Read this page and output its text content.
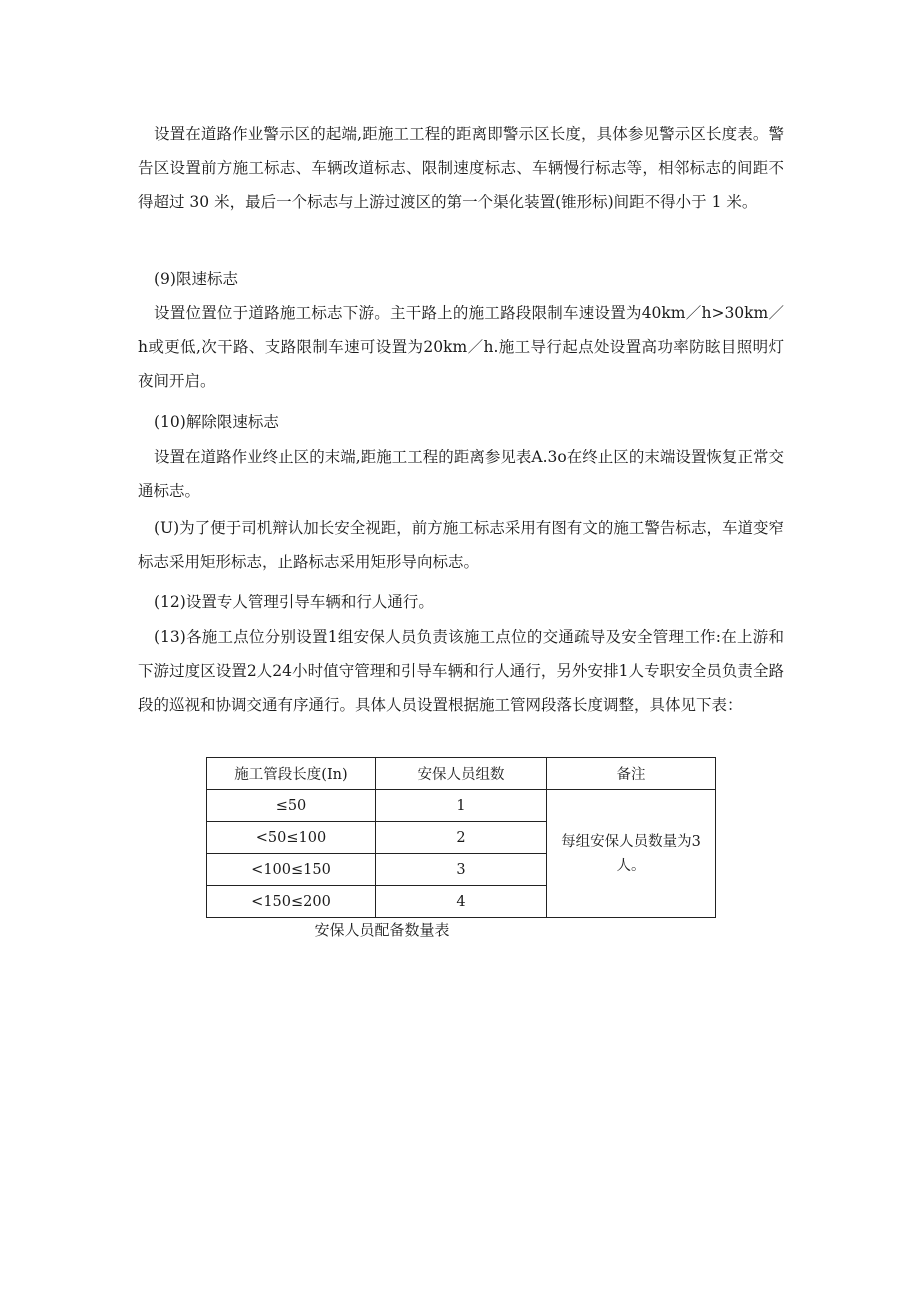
设置在道路作业警示区的起端,距施工工程的距离即警示区长度，具体参见警示区长度表。警告区设置前方施工标志、车辆改道标志、限制速度标志、车辆慢行标志等，相邻标志的间距不得超过 30 米，最后一个标志与上游过渡区的第一个渠化装置(锥形标)间距不得小于 1 米。

(9)限速标志

设置位置位于道路施工标志下游。主干路上的施工路段限制车速设置为40km／h>30km／h或更低,次干路、支路限制车速可设置为20km／h.施工导行起点处设置高功率防眩目照明灯夜间开启。

(10)解除限速标志

设置在道路作业终止区的末端,距施工工程的距离参见表A.3o在终止区的末端设置恢复正常交通标志。

(U)为了便于司机辩认加长安全视距，前方施工标志采用有图有文的施工警告标志，车道变窄标志采用矩形标志，止路标志采用矩形导向标志。

(12)设置专人管理引导车辆和行人通行。

(13)各施工点位分别设置1组安保人员负责该施工点位的交通疏导及安全管理工作:在上游和下游过度区设置2人24小时值守管理和引导车辆和行人通行，另外安排1人专职安全员负责全路段的巡视和协调交通有序通行。具体人员设置根据施工管网段落长度调整，具体见下表：

施工管段长度(In)	安保人员组数	备注
≤50	1	每组安保人员数量为3人。
<50≤100	2	
<100≤150	3	
<150≤200	4	
安保人员配备数量表
